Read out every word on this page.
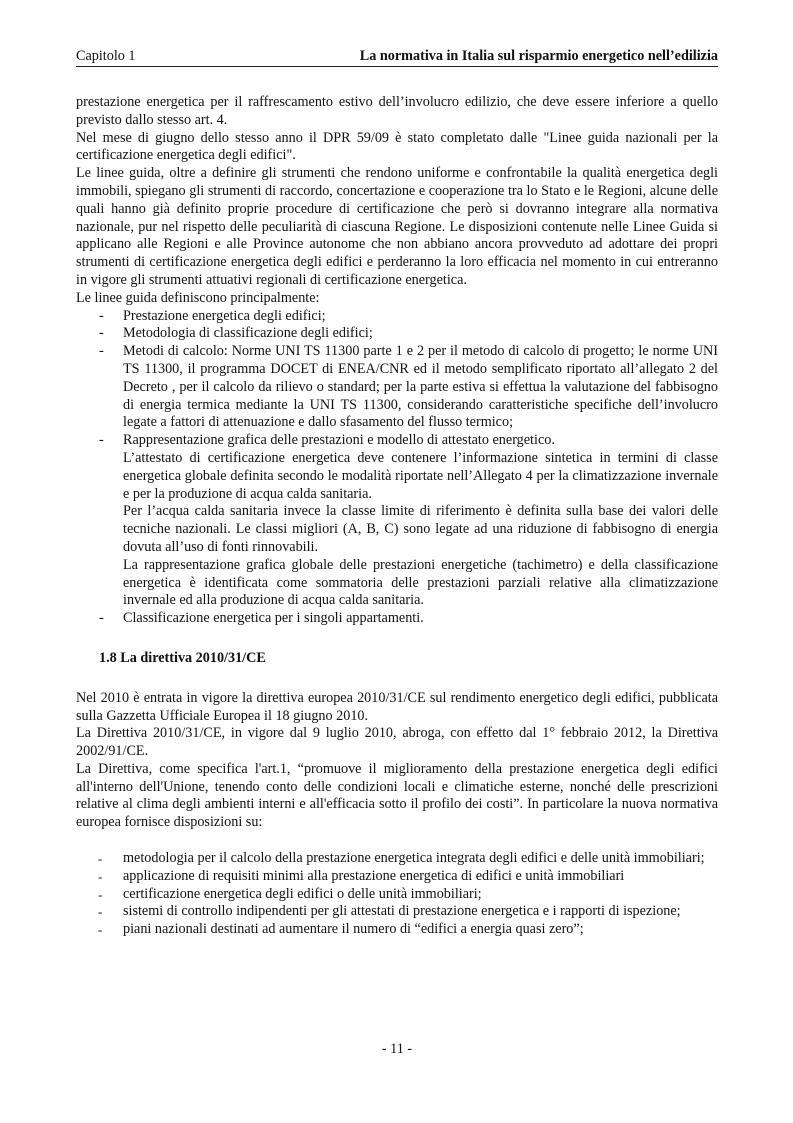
Capitolo 1	La normativa in Italia sul risparmio energetico nell’edilizia

prestazione energetica per il raffrescamento estivo dell’involucro edilizio, che deve essere inferiore a quello previsto dallo stesso art. 4.

Nel mese di giugno dello stesso anno il DPR 59/09 è stato completato dalle "Linee guida nazionali per la certificazione energetica degli edifici".

Le linee guida, oltre a definire gli strumenti che rendono uniforme e confrontabile la qualità energetica degli immobili, spiegano gli strumenti di raccordo, concertazione e cooperazione tra lo Stato e le Regioni, alcune delle quali hanno già definito proprie procedure di certificazione che però si dovranno integrare alla normativa nazionale, pur nel rispetto delle peculiarità di ciascuna Regione. Le disposizioni contenute nelle Linee Guida si applicano alle Regioni e alle Province autonome che non abbiano ancora provveduto ad adottare dei propri strumenti di certificazione energetica degli edifici e perderanno la loro efficacia nel momento in cui entreranno in vigore gli strumenti attuativi regionali di certificazione energetica.

Le linee guida definiscono principalmente:

- Prestazione energetica degli edifici;
- Metodologia di classificazione degli edifici;
- Metodi di calcolo: Norme UNI TS 11300 parte 1 e 2 per il metodo di calcolo di progetto; le norme UNI TS 11300, il programma DOCET di ENEA/CNR ed il metodo semplificato riportato all’allegato 2 del Decreto , per il calcolo da rilievo o standard; per la parte estiva si effettua la valutazione del fabbisogno di energia termica mediante la UNI TS 11300, considerando caratteristiche specifiche dell’involucro legate a fattori di attenuazione e dallo sfasamento del flusso termico;
- Rappresentazione grafica delle prestazioni e modello di attestato energetico.

L’attestato di certificazione energetica deve contenere l’informazione sintetica in termini di classe energetica globale definita secondo le modalità riportate nell’Allegato 4 per la climatizzazione invernale e per la produzione di acqua calda sanitaria.

Per l’acqua calda sanitaria invece la classe limite di riferimento è definita sulla base dei valori delle tecniche nazionali. Le classi migliori (A, B, C) sono legate ad una riduzione di fabbisogno di energia dovuta all’uso di fonti rinnovabili.

La rappresentazione grafica globale delle prestazioni energetiche (tachimetro) e della classificazione energetica è identificata come sommatoria delle prestazioni parziali relative alla climatizzazione invernale ed alla produzione di acqua calda sanitaria.

- Classificazione energetica per i singoli appartamenti.
1.8 La direttiva 2010/31/CE

Nel 2010 è entrata in vigore la direttiva europea 2010/31/CE sul rendimento energetico degli edifici, pubblicata sulla Gazzetta Ufficiale Europea il 18 giugno 2010.

La Direttiva 2010/31/CE, in vigore dal 9 luglio 2010, abroga, con effetto dal 1° febbraio 2012, la Direttiva 2002/91/CE.

La Direttiva, come specifica l'art.1, “promuove il miglioramento della prestazione energetica degli edifici all'interno dell'Unione, tenendo conto delle condizioni locali e climatiche esterne, nonché delle prescrizioni relative al clima degli ambienti interni e all'efficacia sotto il profilo dei costi”. In particolare la nuova normativa europea fornisce disposizioni su:

- metodologia per il calcolo della prestazione energetica integrata degli edifici e delle unità immobiliari;
- applicazione di requisiti minimi alla prestazione energetica di edifici e unità immobiliari
- certificazione energetica degli edifici o delle unità immobiliari;
- sistemi di controllo indipendenti per gli attestati di prestazione energetica e i rapporti di ispezione;
- piani nazionali destinati ad aumentare il numero di “edifici a energia quasi zero”;
- 11 -
